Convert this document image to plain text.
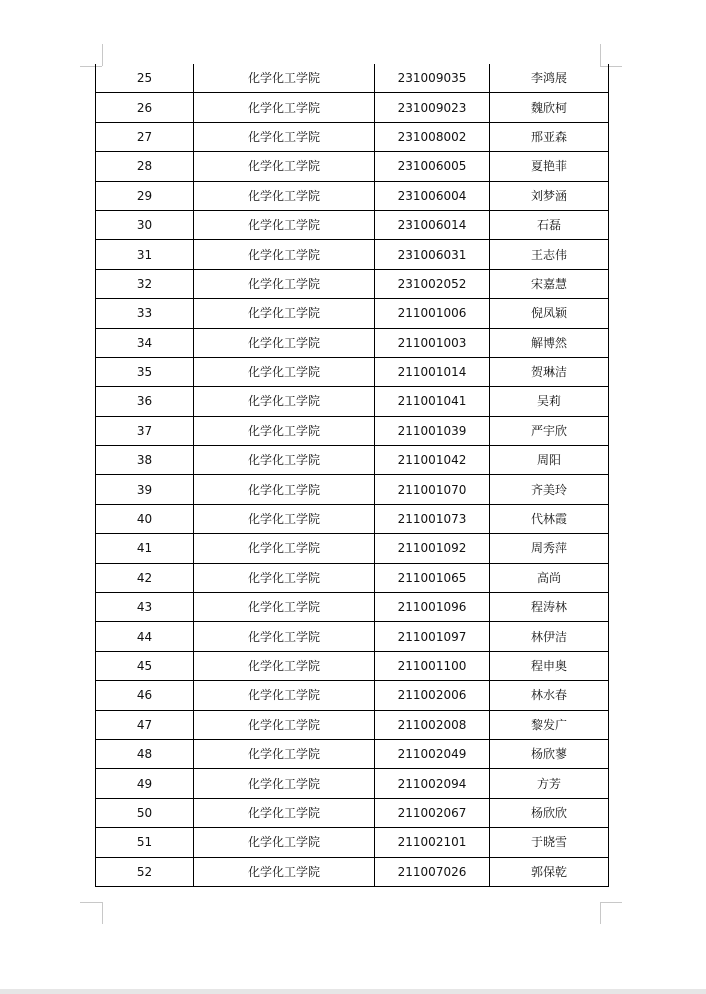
25	化学化工学院	231009035	李鸿展
26	化学化工学院	231009023	魏欣柯
27	化学化工学院	231008002	邢亚森
28	化学化工学院	231006005	夏艳菲
29	化学化工学院	231006004	刘梦涵
30	化学化工学院	231006014	石磊
31	化学化工学院	231006031	王志伟
32	化学化工学院	231002052	宋嘉慧
33	化学化工学院	211001006	倪凤颖
34	化学化工学院	211001003	解博然
35	化学化工学院	211001014	贺琳洁
36	化学化工学院	211001041	吴莉
37	化学化工学院	211001039	严宇欣
38	化学化工学院	211001042	周阳
39	化学化工学院	211001070	齐美玲
40	化学化工学院	211001073	代林霞
41	化学化工学院	211001092	周秀萍
42	化学化工学院	211001065	高尚
43	化学化工学院	211001096	程涛林
44	化学化工学院	211001097	林伊洁
45	化学化工学院	211001100	程申奥
46	化学化工学院	211002006	林水春
47	化学化工学院	211002008	黎发广
48	化学化工学院	211002049	杨欣蓼
49	化学化工学院	211002094	方芳
50	化学化工学院	211002067	杨欣欣
51	化学化工学院	211002101	于晓雪
52	化学化工学院	211007026	郭保乾
